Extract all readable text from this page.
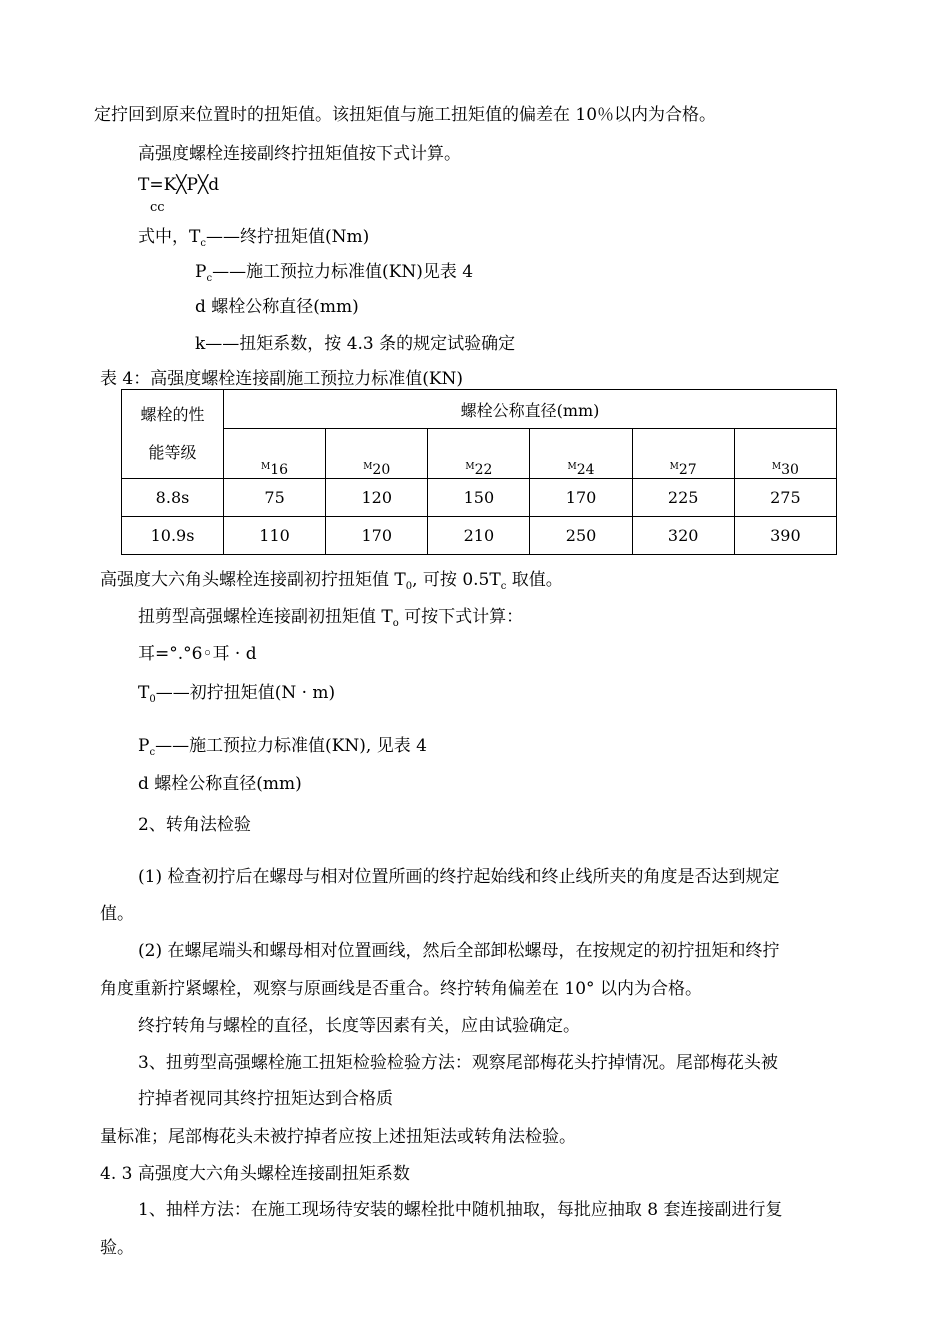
定拧回到原来位置时的扭矩值。该扭矩值与施工扭矩值的偏差在 10％以内为合格。
高强度螺栓连接副终拧扭矩值按下式计算。
T=K╳P╳d
cc
式中，$T_c——$终拧扭矩值(Nm)
$P_c——$施工预拉力标准值(KN)见表 4
d 螺栓公称直径(mm)
k——扭矩系数，按 4.3 条的规定试验确定
表 4：高强度螺栓连接副施工预拉力标准值(KN)
螺栓的性
能等级	螺栓公称直径(mm)					
	$^M$16	$^M$20	$^M$22	$^M$24	$^M$27	$^M$30
8.8s	75	120	150	170	225	275
10.9s	110	170	210	250	320	390
高强度大六角头螺栓连接副初拧扭矩值 $T_0$, 可按 $0.5T_c$ 取值。
扭剪型高强螺栓连接副初扭矩值 $T_o$ 可按下式计算：
耳=°.°6◦耳 · d
$T_0——$初拧扭矩值(N · m)
$P_c——$施工预拉力标准值(KN), 见表 4
d 螺栓公称直径(mm)
2、转角法检验
(1) 检查初拧后在螺母与相对位置所画的终拧起始线和终止线所夹的角度是否达到规定
值。
(2) 在螺尾端头和螺母相对位置画线，然后全部卸松螺母，在按规定的初拧扭矩和终拧
角度重新拧紧螺栓，观察与原画线是否重合。终拧转角偏差在 10° 以内为合格。
终拧转角与螺栓的直径，长度等因素有关，应由试验确定。
3、扭剪型高强螺栓施工扭矩检验检验方法：观察尾部梅花头拧掉情况。尾部梅花头被
拧掉者视同其终拧扭矩达到合格质
量标准；尾部梅花头未被拧掉者应按上述扭矩法或转角法检验。
4. 3 高强度大六角头螺栓连接副扭矩系数
1、抽样方法：在施工现场待安装的螺栓批中随机抽取，每批应抽取 8 套连接副进行复
验。
